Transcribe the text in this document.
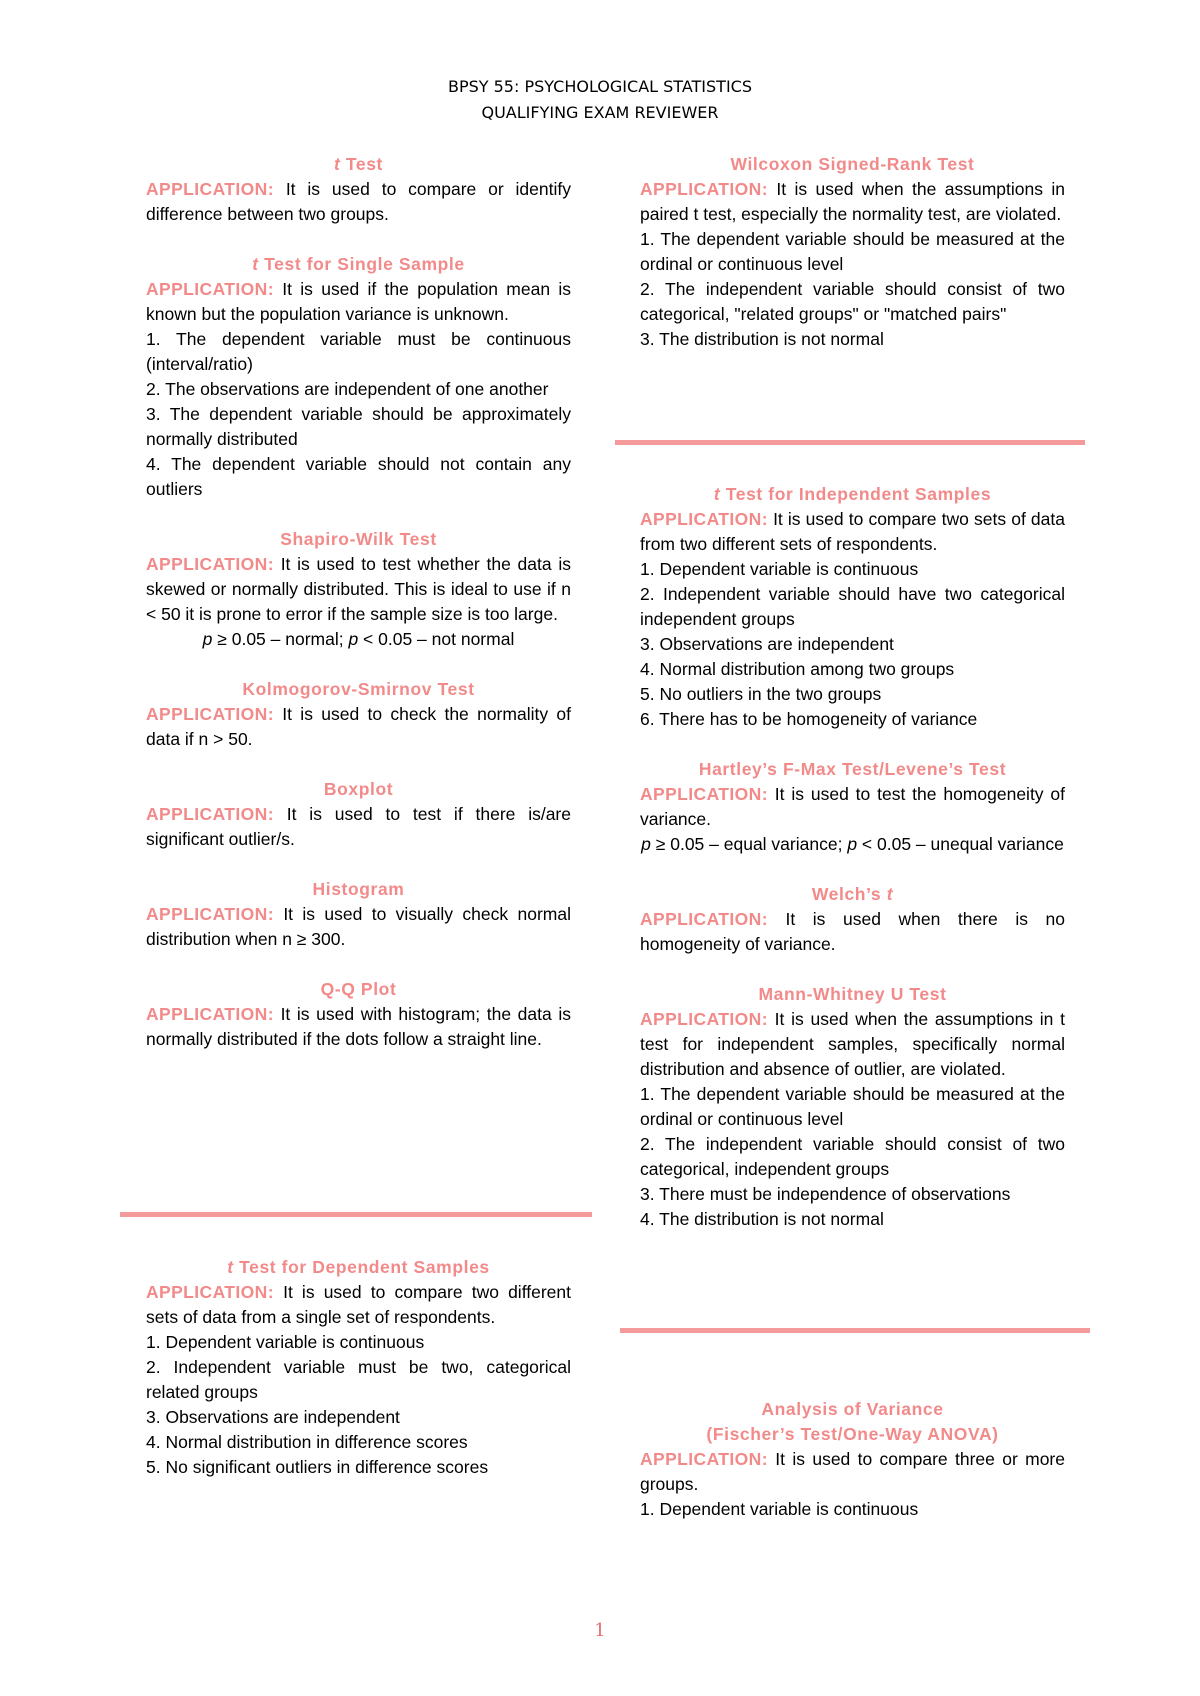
BPSY 55: PSYCHOLOGICAL STATISTICS
QUALIFYING EXAM REVIEWER
t Test

APPLICATION: It is used to compare or identify difference between two groups.

t Test for Single Sample

APPLICATION: It is used if the population mean is known but the population variance is unknown.

1. The dependent variable must be continuous (interval/ratio)

2. The observations are independent of one another

3. The dependent variable should be approximately normally distributed

4. The dependent variable should not contain any outliers

Shapiro-Wilk Test

APPLICATION: It is used to test whether the data is skewed or normally distributed. This is ideal to use if n < 50 it is prone to error if the sample size is too large.

p ≥ 0.05 – normal; p < 0.05 – not normal

Kolmogorov-Smirnov Test

APPLICATION: It is used to check the normality of data if n > 50.

Boxplot

APPLICATION: It is used to test if there is/are significant outlier/s.

Histogram

APPLICATION: It is used to visually check normal distribution when n ≥ 300.

Q-Q Plot

APPLICATION: It is used with histogram; the data is normally distributed if the dots follow a straight line.

t Test for Dependent Samples

APPLICATION: It is used to compare two different sets of data from a single set of respondents.

1. Dependent variable is continuous

2. Independent variable must be two, categorical related groups

3. Observations are independent

4. Normal distribution in difference scores

5. No significant outliers in difference scores

Wilcoxon Signed-Rank Test

APPLICATION: It is used when the assumptions in paired t test, especially the normality test, are violated.

1. The dependent variable should be measured at the ordinal or continuous level

2. The independent variable should consist of two categorical, "related groups" or "matched pairs"

3. The distribution is not normal

t Test for Independent Samples

APPLICATION: It is used to compare two sets of data from two different sets of respondents.

1. Dependent variable is continuous

2. Independent variable should have two categorical independent groups

3. Observations are independent

4. Normal distribution among two groups

5. No outliers in the two groups

6. There has to be homogeneity of variance

Hartley’s F-Max Test/Levene’s Test

APPLICATION: It is used to test the homogeneity of variance.

p ≥ 0.05 – equal variance; p < 0.05 – unequal variance

Welch’s t

APPLICATION: It is used when there is no homogeneity of variance.

Mann-Whitney U Test

APPLICATION: It is used when the assumptions in t test for independent samples, specifically normal distribution and absence of outlier, are violated.

1. The dependent variable should be measured at the ordinal or continuous level

2. The independent variable should consist of two categorical, independent groups

3. There must be independence of observations

4. The distribution is not normal

Analysis of Variance
(Fischer’s Test/One-Way ANOVA)

APPLICATION: It is used to compare three or more groups.

1. Dependent variable is continuous

1
